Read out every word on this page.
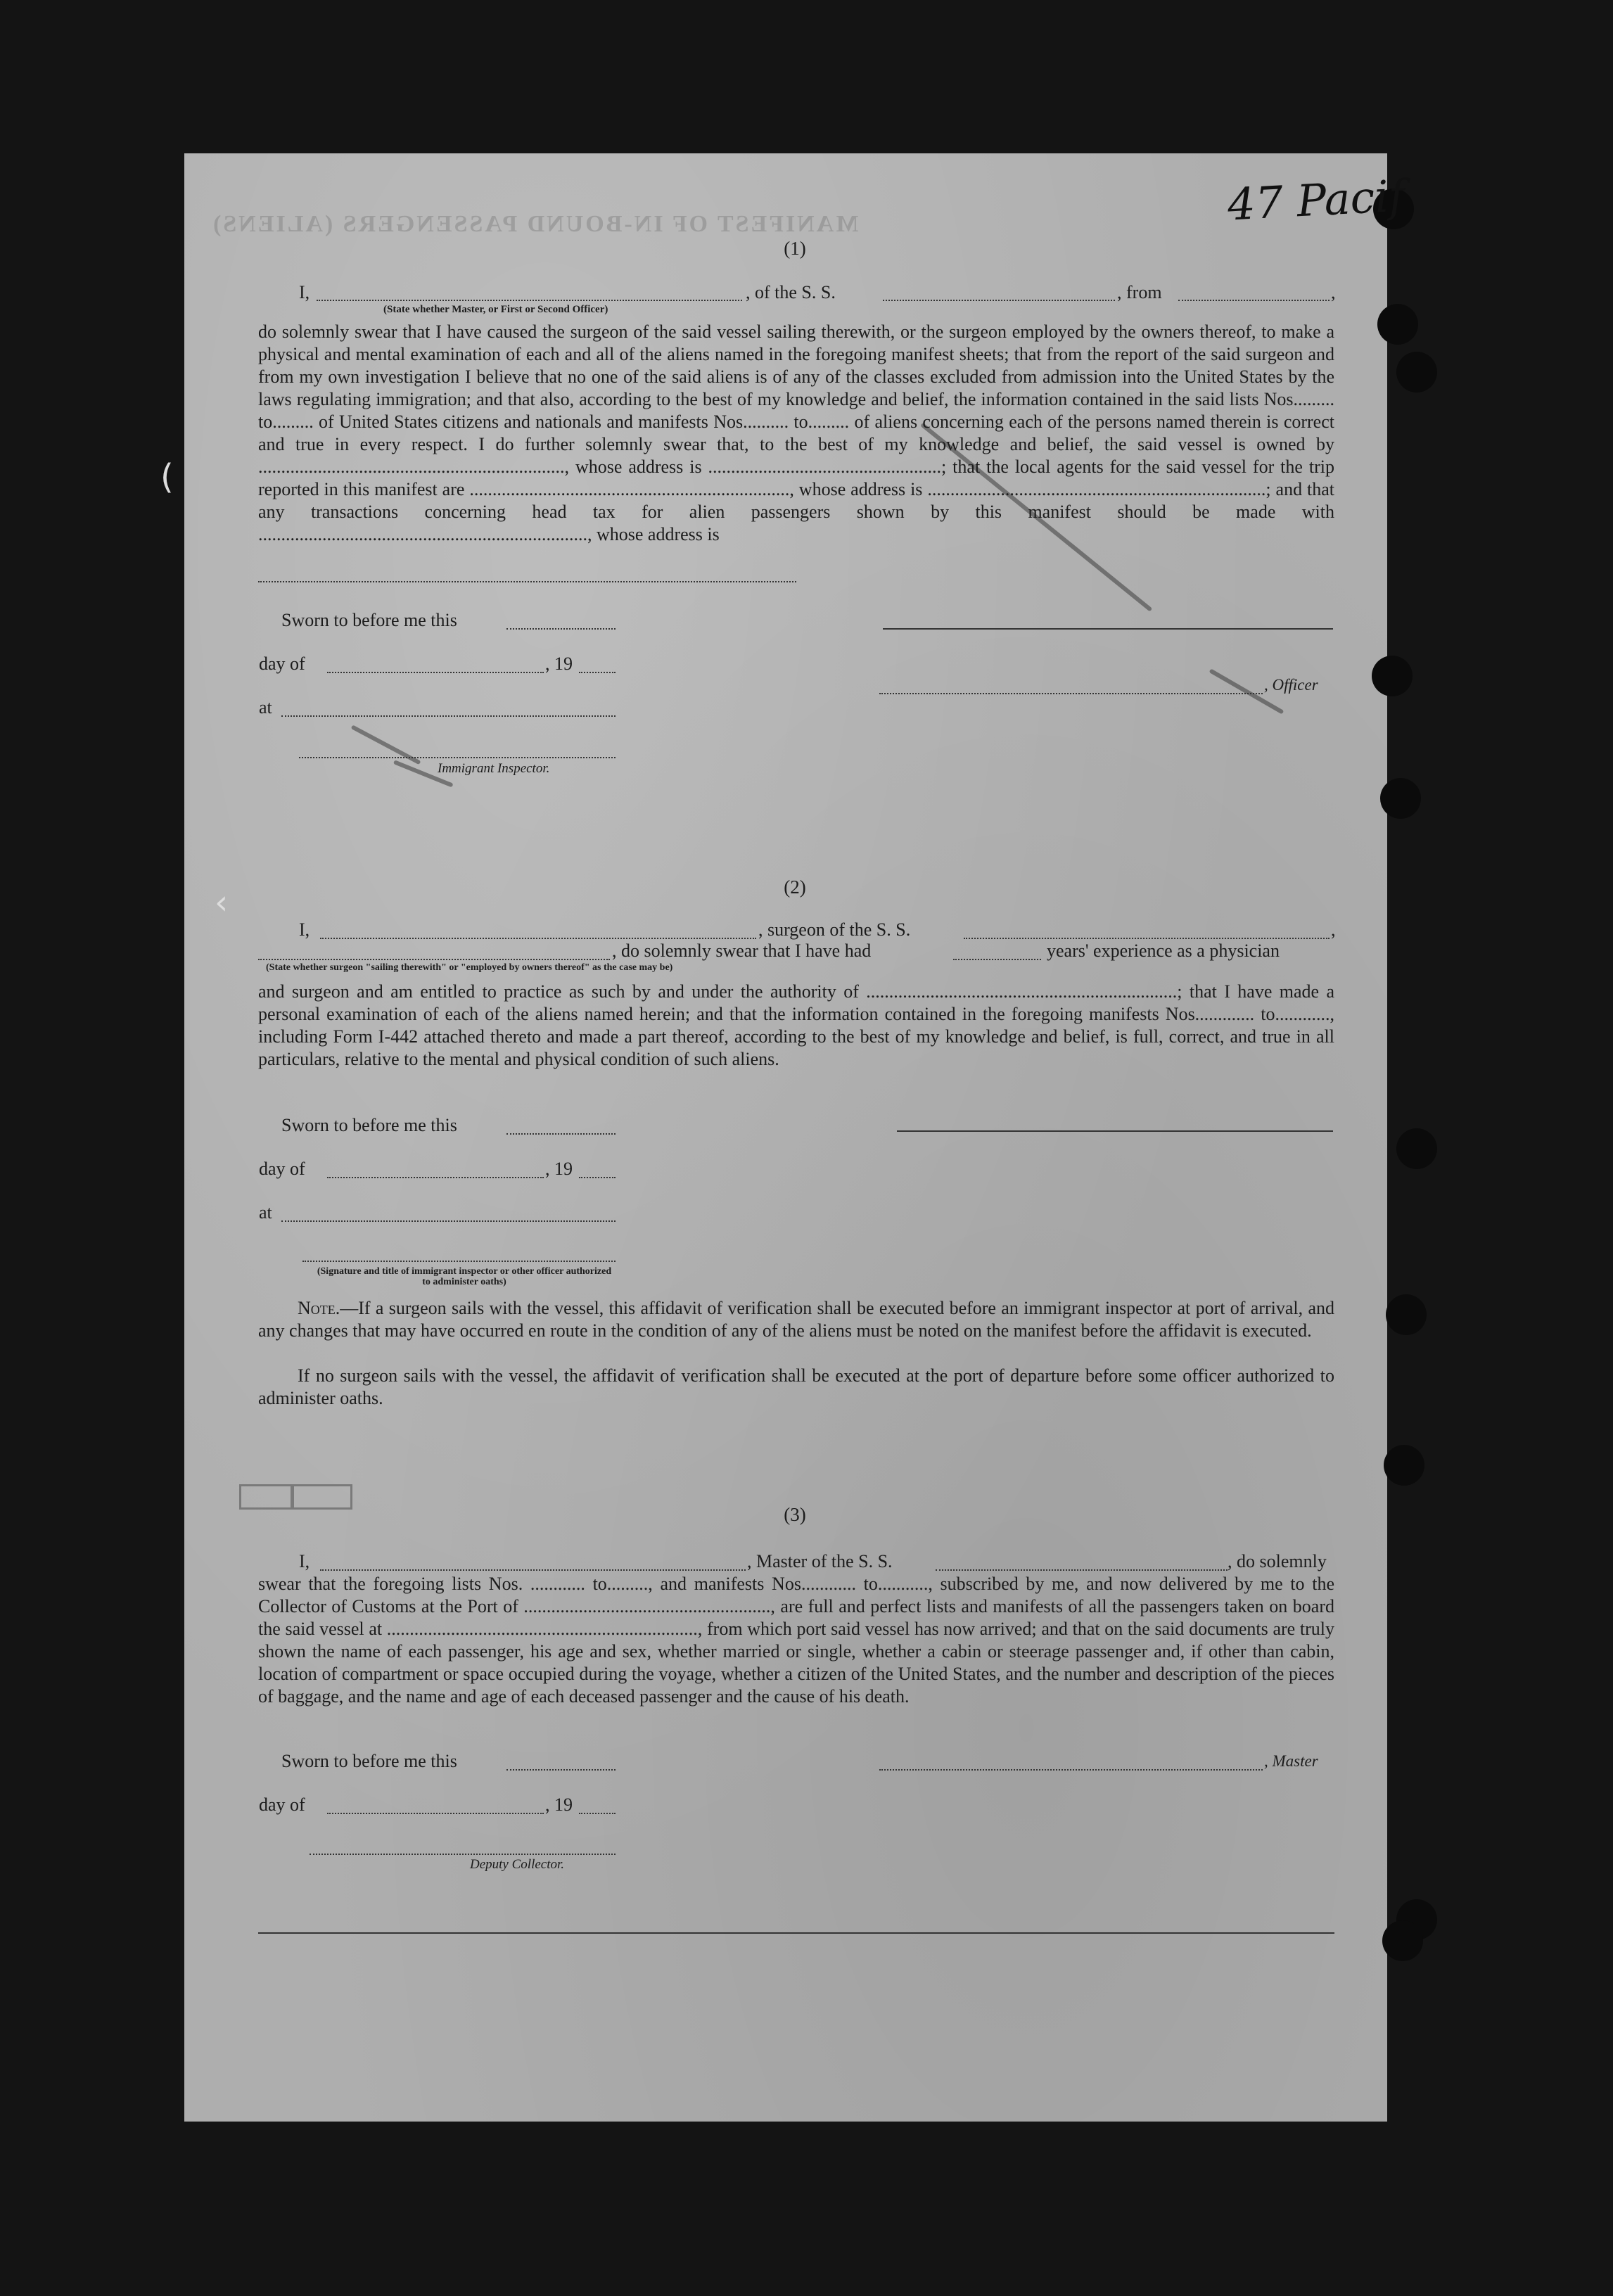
(
‹
47 Pacif
MANIFEST OF IN-BOUND PASSENGERS (ALIENS)
(1)
I,	, of the S. S.	, from	,
(State whether Master, or First or Second Officer)
do solemnly swear that I have caused the surgeon of the said vessel sailing therewith, or the surgeon employed by the owners thereof, to make a physical and mental examination of each and all of the aliens named in the foregoing manifest sheets; that from the report of the said surgeon and from my own investigation I believe that no one of the said aliens is of any of the classes excluded from admission into the United States by the laws regulating immigration; and that also, according to the best of my knowledge and belief, the information contained in the said lists Nos......... to......... of United States citizens and nationals and manifests Nos.......... to......... of aliens concerning each of the persons named therein is correct and true in every respect. I do further solemnly swear that, to the best of my knowledge and belief, the said vessel is owned by ..................................................................., whose address is ...................................................; that the local agents for the said vessel for the trip reported in this manifest are ......................................................................, whose address is ..........................................................................; and that any transactions concerning head tax for alien passengers shown by this manifest should be made with ........................................................................, whose address is
Sworn to before me this
day of	, 19
, Officer
at
Immigrant Inspector.
(2)
I,	, surgeon of the S. S.	,
, do solemnly swear that I have had	years' experience as a physician
(State whether surgeon "sailing therewith" or "employed by owners thereof" as the case may be)
and surgeon and am entitled to practice as such by and under the authority of ....................................................................; that I have made a personal examination of each of the aliens named herein; and that the information contained in the foregoing manifests Nos............. to............, including Form I-442 attached thereto and made a part thereof, according to the best of my knowledge and belief, is full, correct, and true in all particulars, relative to the mental and physical condition of such aliens.
Sworn to before me this
day of	, 19
at
(Signature and title of immigrant inspector or other officer authorized to administer oaths)
Note.—If a surgeon sails with the vessel, this affidavit of verification shall be executed before an immigrant inspector at port of arrival, and any changes that may have occurred en route in the condition of any of the aliens must be noted on the manifest before the affidavit is executed.
If no surgeon sails with the vessel, the affidavit of verification shall be executed at the port of departure before some officer authorized to administer oaths.
(3)
I,	, Master of the S. S.	, do solemnly
swear that the foregoing lists Nos. ............ to........., and manifests Nos............ to..........., subscribed by me, and now delivered by me to the Collector of Customs at the Port of ......................................................, are full and perfect lists and manifests of all the passengers taken on board the said vessel at ...................................................................., from which port said vessel has now arrived; and that on the said documents are truly shown the name of each passenger, his age and sex, whether married or single, whether a cabin or steerage passenger and, if other than cabin, location of compartment or space occupied during the voyage, whether a citizen of the United States, and the number and description of the pieces of baggage, and the name and age of each deceased passenger and the cause of his death.
Sworn to before me this	, Master
day of	, 19
Deputy Collector.
